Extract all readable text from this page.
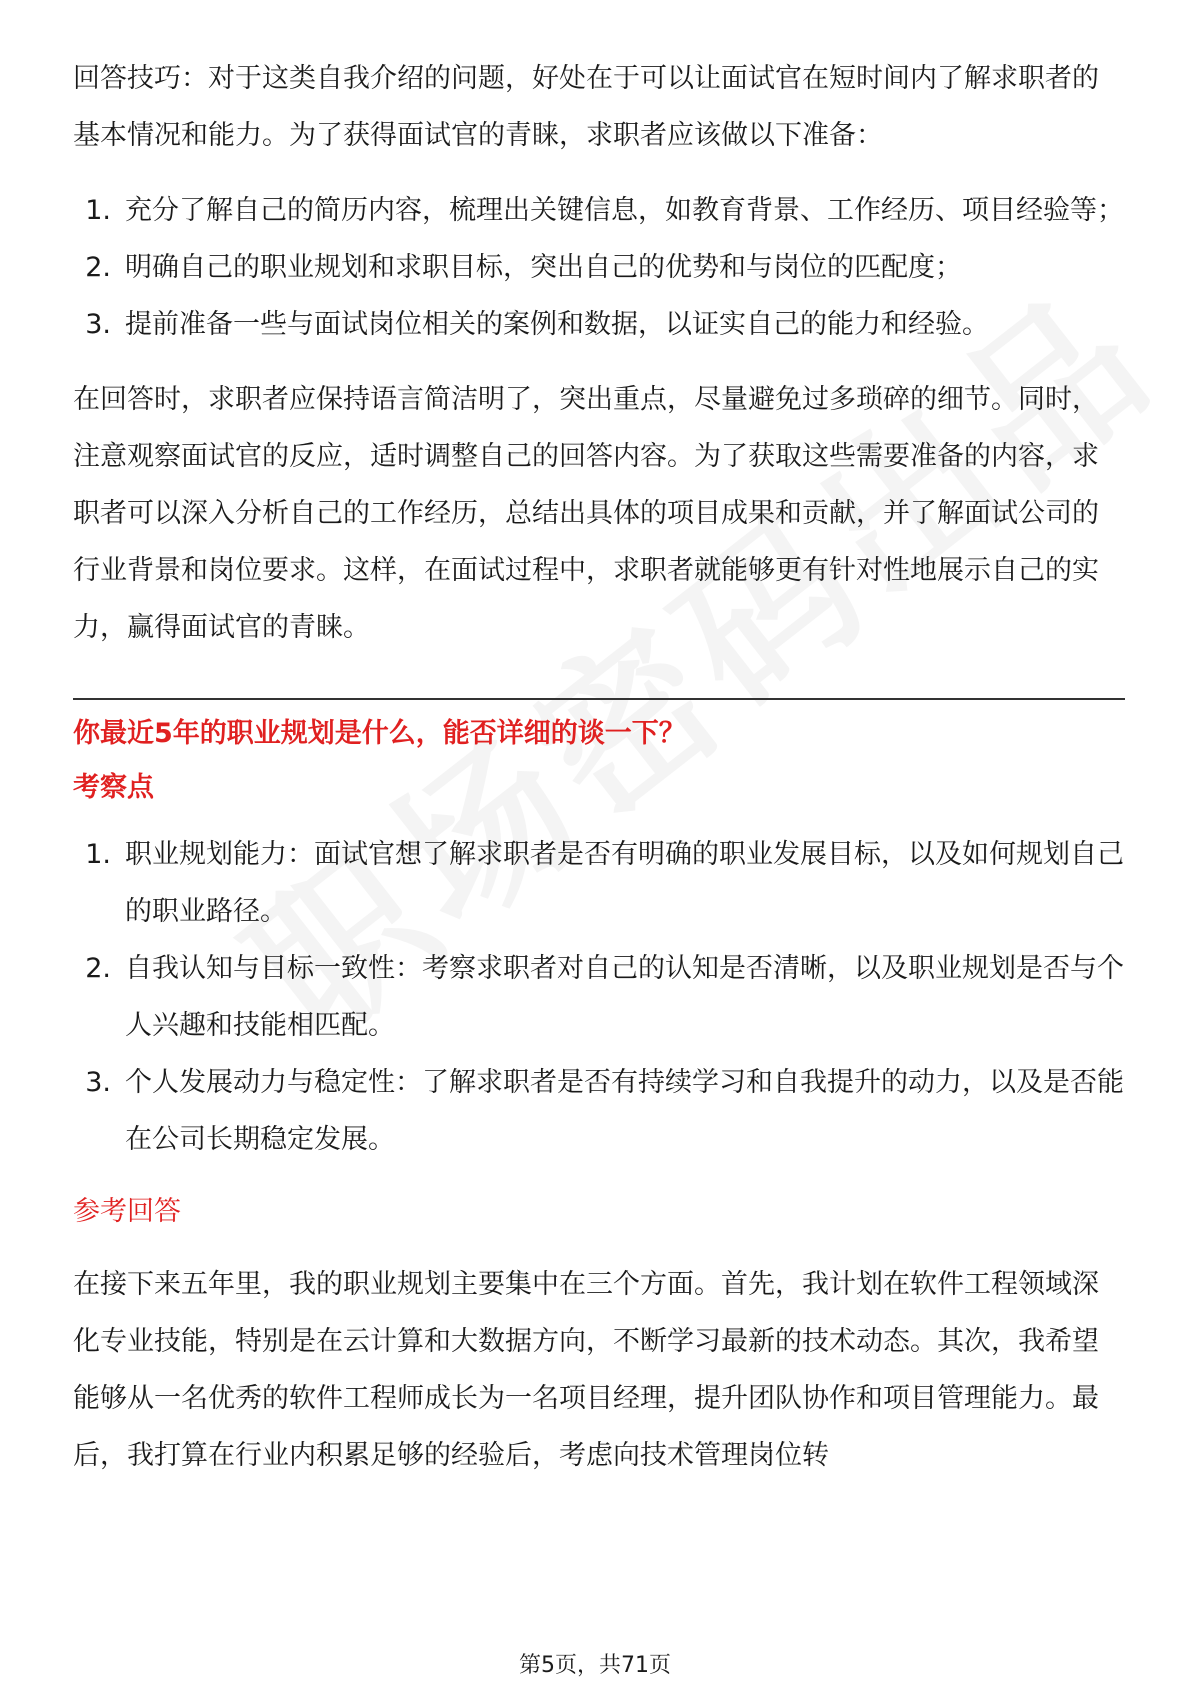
回答技巧：对于这类自我介绍的问题，好处在于可以让面试官在短时间内了解求职者的基本情况和能力。为了获得面试官的青睐，求职者应该做以下准备：

1. 充分了解自己的简历内容，梳理出关键信息，如教育背景、工作经历、项目经验等；
2. 明确自己的职业规划和求职目标，突出自己的优势和与岗位的匹配度；
3. 提前准备一些与面试岗位相关的案例和数据，以证实自己的能力和经验。

在回答时，求职者应保持语言简洁明了，突出重点，尽量避免过多琐碎的细节。同时，注意观察面试官的反应，适时调整自己的回答内容。为了获取这些需要准备的内容，求职者可以深入分析自己的工作经历，总结出具体的项目成果和贡献，并了解面试公司的行业背景和岗位要求。这样，在面试过程中，求职者就能够更有针对性地展示自己的实力，赢得面试官的青睐。

你最近5年的职业规划是什么，能否详细的谈一下？

考察点

1. 职业规划能力：面试官想了解求职者是否有明确的职业发展目标，以及如何规划自己的职业路径。
2. 自我认知与目标一致性：考察求职者对自己的认知是否清晰，以及职业规划是否与个人兴趣和技能相匹配。
3. 个人发展动力与稳定性：了解求职者是否有持续学习和自我提升的动力，以及是否能在公司长期稳定发展。

参考回答

在接下来五年里，我的职业规划主要集中在三个方面。首先，我计划在软件工程领域深化专业技能，特别是在云计算和大数据方向，不断学习最新的技术动态。其次，我希望能够从一名优秀的软件工程师成长为一名项目经理，提升团队协作和项目管理能力。最后，我打算在行业内积累足够的经验后，考虑向技术管理岗位转

第5页，共71页
